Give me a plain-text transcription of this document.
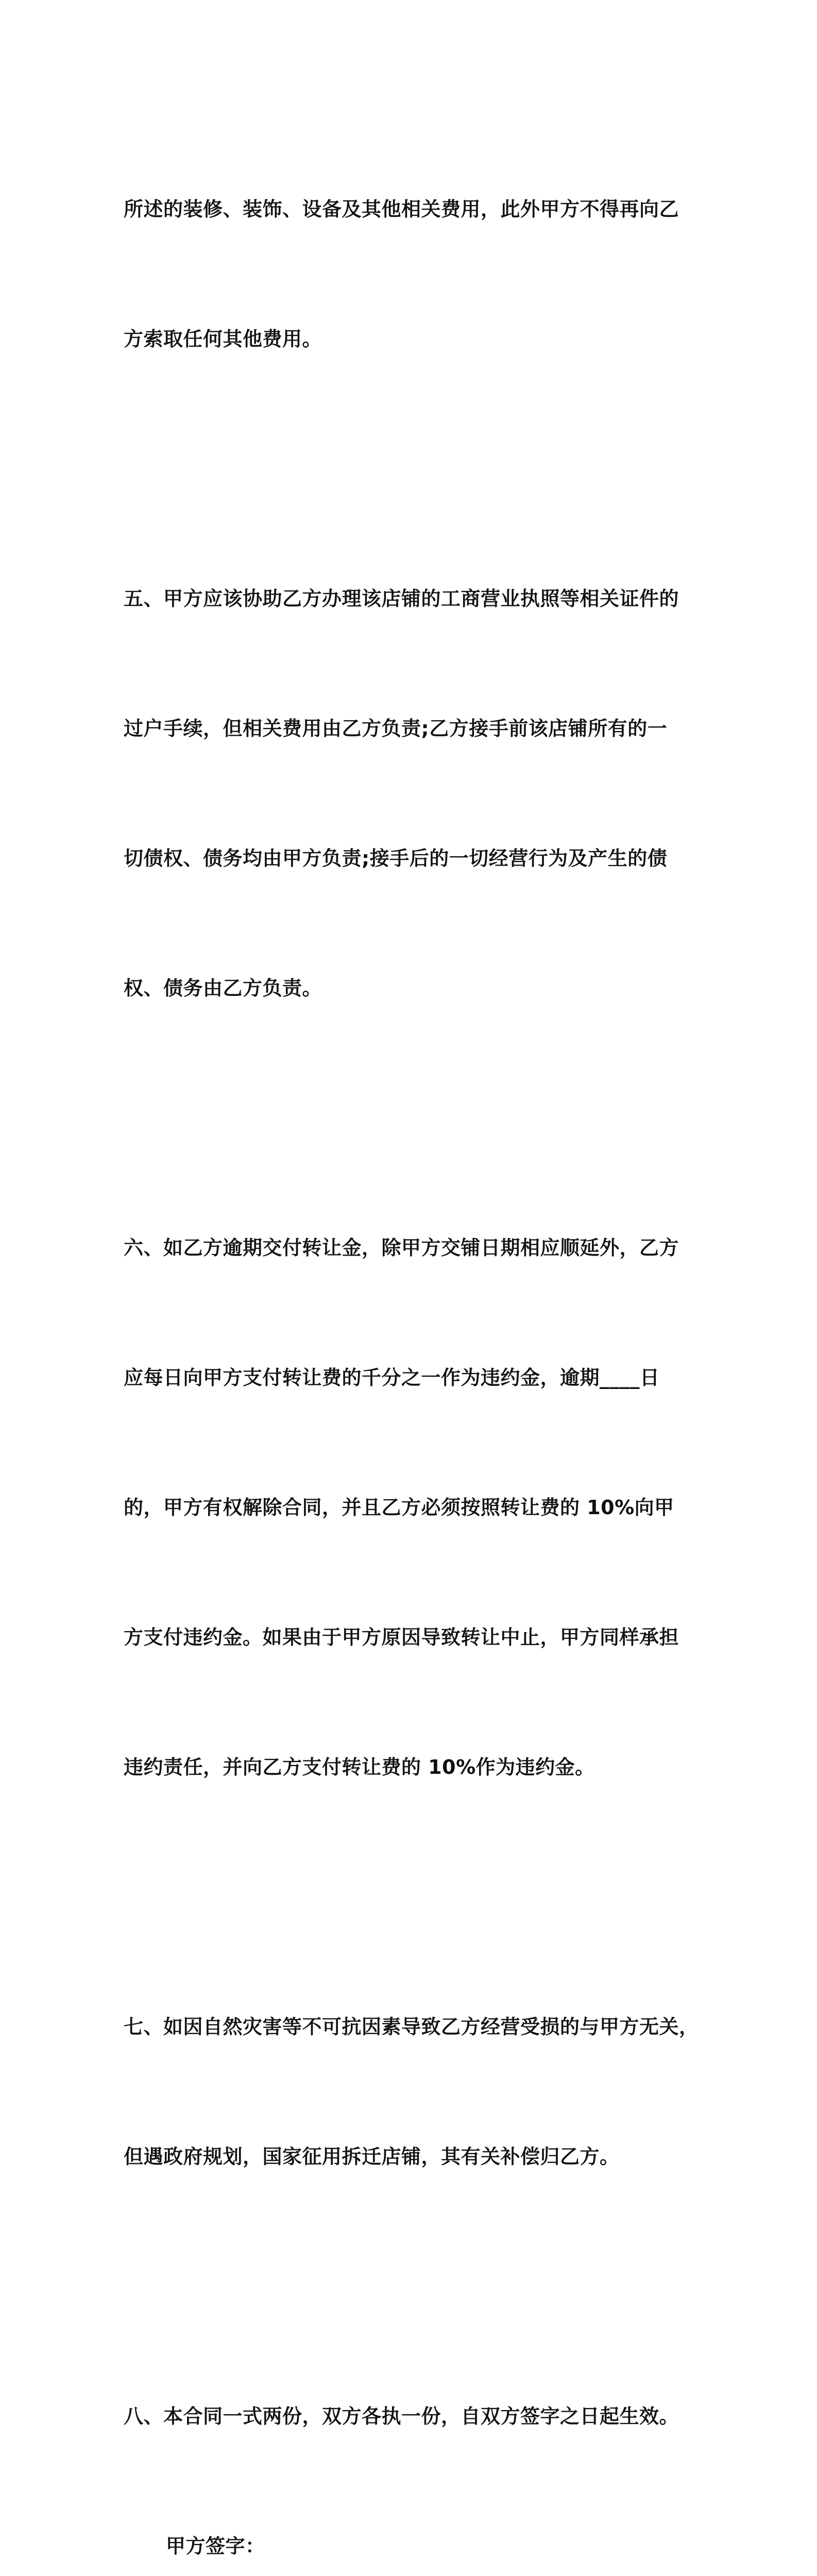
所述的装修、装饰、设备及其他相关费用，此外甲方不得再向乙

方索取任何其他费用。

五、甲方应该协助乙方办理该店铺的工商营业执照等相关证件的

过户手续，但相关费用由乙方负责;乙方接手前该店铺所有的一

切债权、债务均由甲方负责;接手后的一切经营行为及产生的债

权、债务由乙方负责。

六、如乙方逾期交付转让金，除甲方交铺日期相应顺延外，乙方

应每日向甲方支付转让费的千分之一作为违约金，逾期____日

的，甲方有权解除合同，并且乙方必须按照转让费的 10%向甲

方支付违约金。如果由于甲方原因导致转让中止，甲方同样承担

违约责任，并向乙方支付转让费的 10%作为违约金。

七、如因自然灾害等不可抗因素导致乙方经营受损的与甲方无关，

但遇政府规划，国家征用拆迁店铺，其有关补偿归乙方。

八、本合同一式两份，双方各执一份，自双方签字之日起生效。

甲方签字：
